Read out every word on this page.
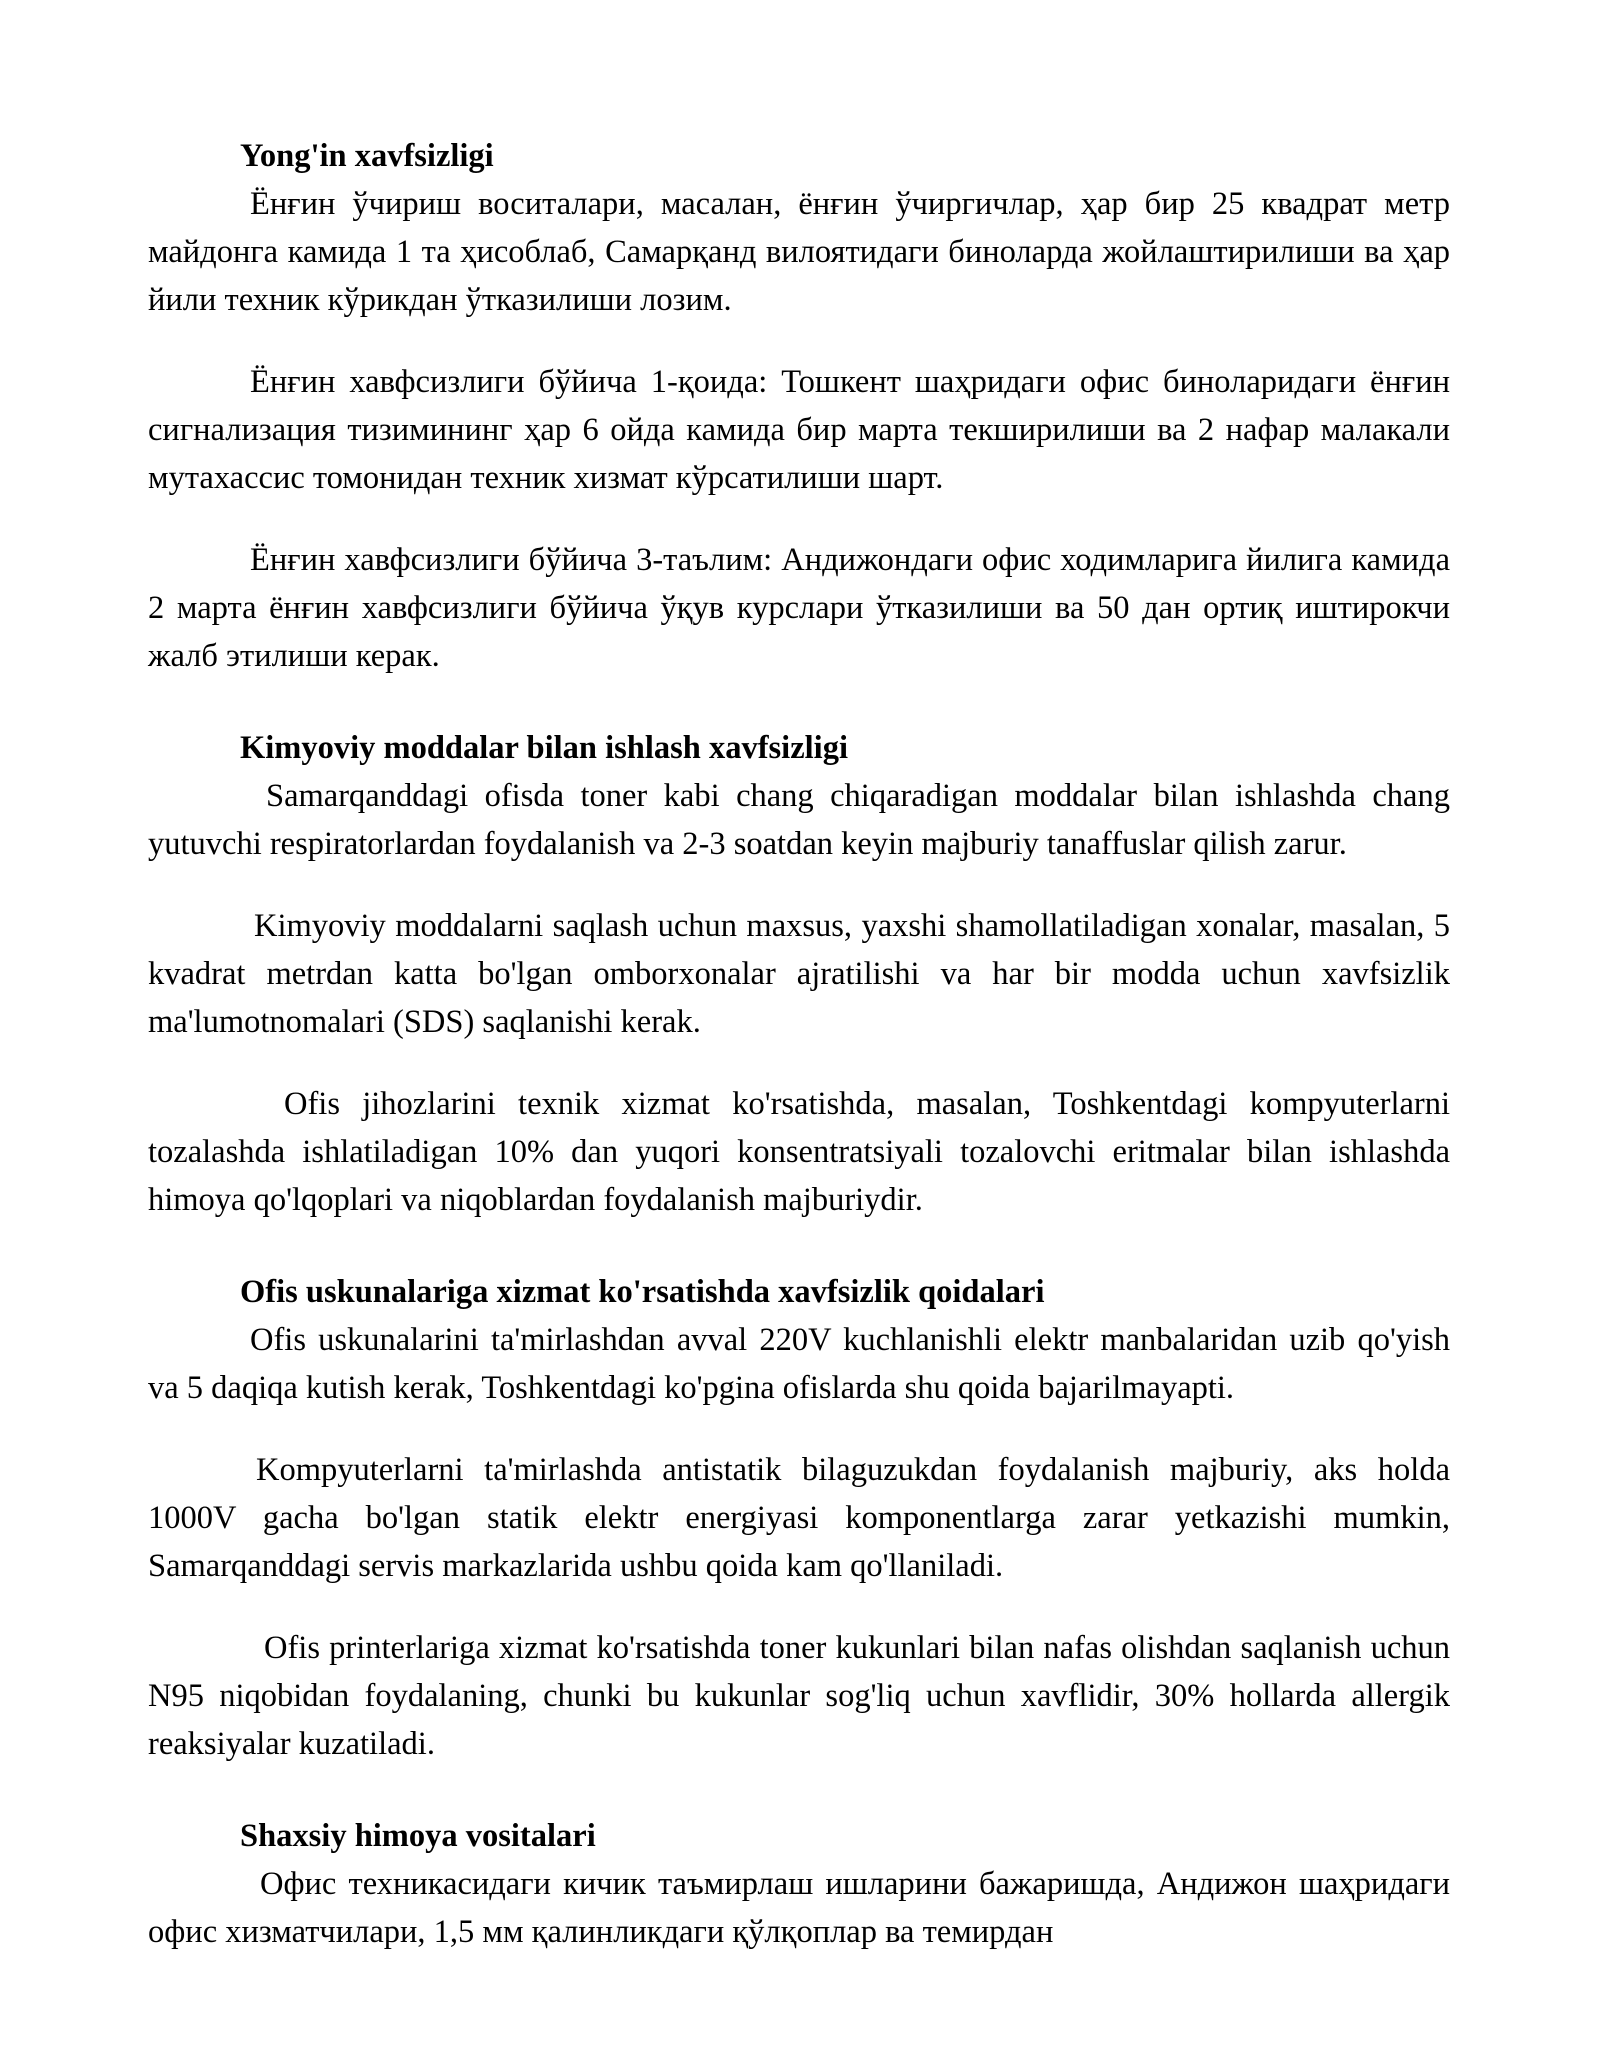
Yong'in xavfsizligi

Ёнғин ўчириш воситалари, масалан, ёнғин ўчиргичлар, ҳар бир 25 квадрат метр майдонга камида 1 та ҳисоблаб, Самарқанд вилоятидаги биноларда жойлаштирилиши ва ҳар йили техник кўрикдан ўтказилиши лозим.

Ёнғин хавфсизлиги бўйича 1-қоида: Тошкент шаҳридаги офис биноларидаги ёнғин сигнализация тизимининг ҳар 6 ойда камида бир марта текширилиши ва 2 нафар малакали мутахассис томонидан техник хизмат кўрсатилиши шарт.

Ёнғин хавфсизлиги бўйича 3-таълим: Андижондаги офис ходимларига йилига камида 2 марта ёнғин хавфсизлиги бўйича ўқув курслари ўтказилиши ва 50 дан ортиқ иштирокчи жалб этилиши керак.

Kimyoviy moddalar bilan ishlash xavfsizligi

Samarqanddagi ofisda toner kabi chang chiqaradigan moddalar bilan ishlashda chang yutuvchi respiratorlardan foydalanish va 2-3 soatdan keyin majburiy tanaffuslar qilish zarur.

Kimyoviy moddalarni saqlash uchun maxsus, yaxshi shamollatiladigan xonalar, masalan, 5 kvadrat metrdan katta bo'lgan omborxonalar ajratilishi va har bir modda uchun xavfsizlik ma'lumotnomalari (SDS) saqlanishi kerak.

Ofis jihozlarini texnik xizmat ko'rsatishda, masalan, Toshkentdagi kompyuterlarni tozalashda ishlatiladigan 10% dan yuqori konsentratsiyali tozalovchi eritmalar bilan ishlashda himoya qo'lqoplari va niqoblardan foydalanish majburiydir.

Ofis uskunalariga xizmat ko'rsatishda xavfsizlik qoidalari

Ofis uskunalarini ta'mirlashdan avval 220V kuchlanishli elektr manbalaridan uzib qo'yish va 5 daqiqa kutish kerak, Toshkentdagi ko'pgina ofislarda shu qoida bajarilmayapti.

Kompyuterlarni ta'mirlashda antistatik bilaguzukdan foydalanish majburiy, aks holda 1000V gacha bo'lgan statik elektr energiyasi komponentlarga zarar yetkazishi mumkin, Samarqanddagi servis markazlarida ushbu qoida kam qo'llaniladi.

Ofis printerlariga xizmat ko'rsatishda toner kukunlari bilan nafas olishdan saqlanish uchun N95 niqobidan foydalaning, chunki bu kukunlar sog'liq uchun xavflidir, 30% hollarda allergik reaksiyalar kuzatiladi.

Shaxsiy himoya vositalari

Офис техникасидаги кичик таъмирлаш ишларини бажаришда, Андижон шаҳридаги офис хизматчилари, 1,5 мм қалинликдаги қўлқоплар ва темирдан
